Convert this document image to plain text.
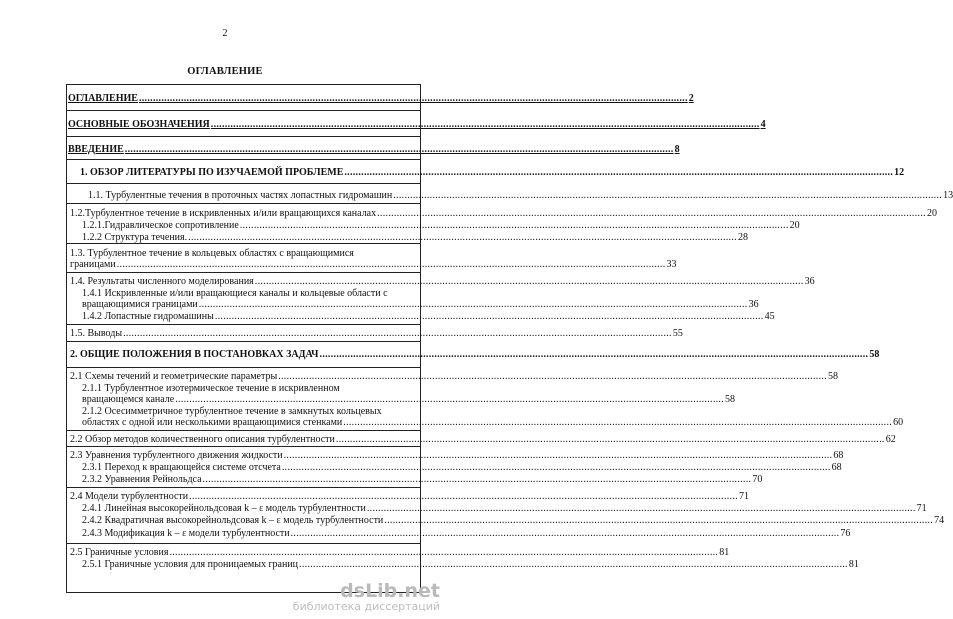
2
ОГЛАВЛЕНИЕ
ОГЛАВЛЕНИЕ .................................................................................................................................................................................................... 2
ОСНОВНЫЕ ОБОЗНАЧЕНИЯ .................................................................................................................................................................................................... 4
ВВЕДЕНИЕ .................................................................................................................................................................................................... 8
1. ОБЗОР ЛИТЕРАТУРЫ ПО ИЗУЧАЕМОЙ ПРОБЛЕМЕ .................................................................................................................................................................................................... 12
1.1. Турбулентные течения в проточных частях лопастных гидромашин .................................................................................................................................................................................................... 13
1.2.Турбулентное течение в искривленных и/или вращающихся каналах .................................................................................................................................................................................................... 20
1.2.1.Гидравлическое сопротивление .................................................................................................................................................................................................... 20
1.2.2 Структура течения. .................................................................................................................................................................................................... 28
1.3. Турбулентное течение в кольцевых областях с вращающимися
границами .................................................................................................................................................................................................... 33
1.4. Результаты численного моделирования .................................................................................................................................................................................................... 36
1.4.1 Искривленные и/или вращающиеся каналы и кольцевые области с
вращающимися границами .................................................................................................................................................................................................... 36
1.4.2 Лопастные гидромашины .................................................................................................................................................................................................... 45
1.5. Выводы .................................................................................................................................................................................................... 55
2. ОБЩИЕ ПОЛОЖЕНИЯ В ПОСТАНОВКАХ ЗАДАЧ .................................................................................................................................................................................................... 58
2.1 Схемы течений и геометрические параметры .................................................................................................................................................................................................... 58
2.1.1 Турбулентное изотермическое течение в искривленном
вращающемся канале .................................................................................................................................................................................................... 58
2.1.2 Осесимметричное турбулентное течение в замкнутых кольцевых
областях с одной или несколькими вращающимися стенками .................................................................................................................................................................................................... 60
2.2 Обзор методов количественного описания турбулентности .................................................................................................................................................................................................... 62
2.3 Уравнения турбулентного движения жидкости .................................................................................................................................................................................................... 68
2.3.1 Переход к вращающейся системе отсчета .................................................................................................................................................................................................... 68
2.3.2 Уравнения Рейнольдса .................................................................................................................................................................................................... 70
2.4 Модели турбулентности .................................................................................................................................................................................................... 71
2.4.1 Линейная высокорейнольдсовая k – ε модель турбулентности .................................................................................................................................................................................................... 71
2.4.2 Квадратичная высокорейнольдсовая k – ε модель турбулентности .................................................................................................................................................................................................... 74
2.4.3 Модификация k – ε модели турбулентности .................................................................................................................................................................................................... 76
2.5 Граничные условия .................................................................................................................................................................................................... 81
2.5.1 Граничные условия для проницаемых границ .................................................................................................................................................................................................... 81
dsLib.net
библиотека диссертаций
